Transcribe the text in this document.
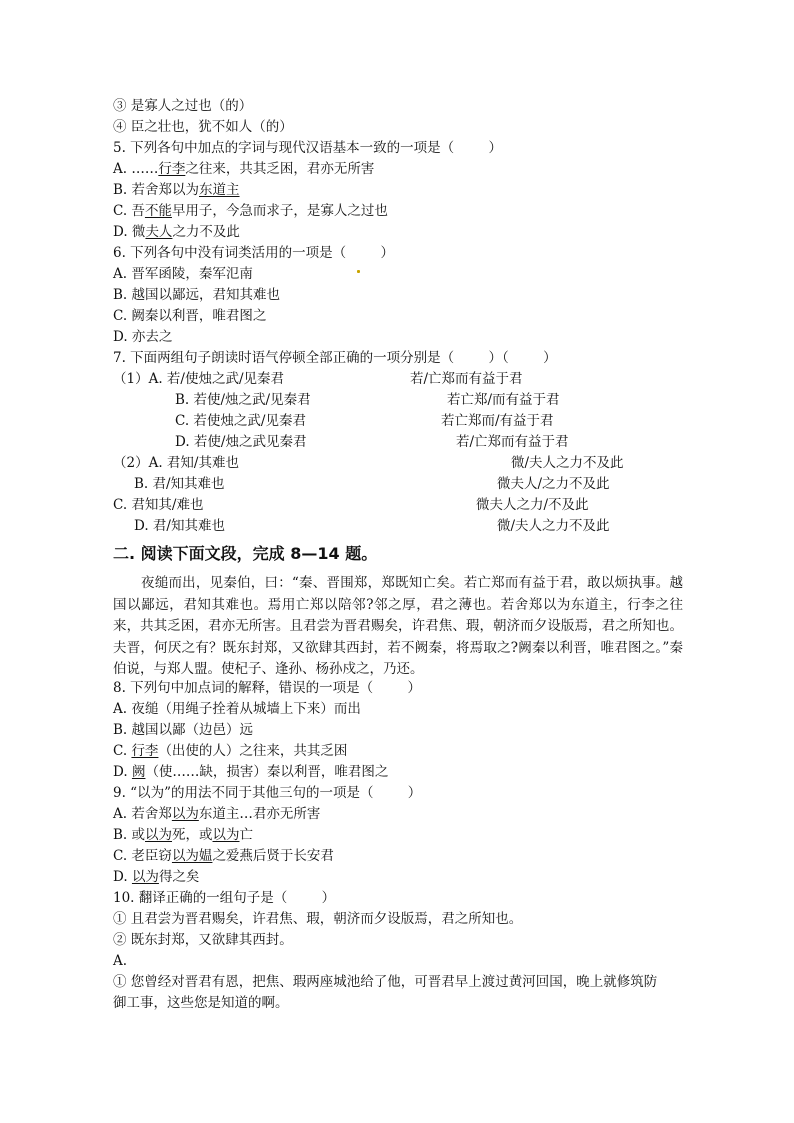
③ 是寡人之过也（的）
④ 臣之壮也，犹不如人（的）
5. 下列各句中加点的字词与现代汉语基本一致的一项是（        ）
A. ……行李之往来，共其乏困，君亦无所害
B. 若舍郑以为东道主
C. 吾不能早用子，今急而求子，是寡人之过也
D. 微夫人之力不及此
6. 下列各句中没有词类活用的一项是（        ）
A. 晋军函陵，秦军氾南
B. 越国以鄙远，君知其难也
C. 阙秦以利晋，唯君图之
D. 亦去之
7. 下面两组句子朗读时语气停顿全部正确的一项分别是（        ）（        ）
（1）A. 若/使烛之武/见秦君	若/亡郑而有益于君
B. 若使/烛之武/见秦君	若亡郑/而有益于君
C. 若使烛之武/见秦君	若亡郑而/有益于君
D. 若使/烛之武见秦君	若/亡郑而有益于君
（2）A. 君知/其难也	微/夫人之力不及此
B. 君/知其难也	微夫人/之力不及此
C. 君知其/难也	微夫人之力/不及此
D. 君/知其难也	微/夫人之力不及此
二. 阅读下面文段，完成 8—14 题。
夜缒而出，见秦伯，曰：“秦、晋围郑，郑既知亡矣。若亡郑而有益于君，敢以烦执事。越国以鄙远，君知其难也。焉用亡郑以陪邻?邻之厚，君之薄也。若舍郑以为东道主，行李之往来，共其乏困，君亦无所害。且君尝为晋君赐矣，许君焦、瑕，朝济而夕设版焉，君之所知也。夫晋，何厌之有？既东封郑，又欲肆其西封，若不阙秦，将焉取之?阙秦以利晋，唯君图之。”秦伯说，与郑人盟。使杞子、逢孙、杨孙戍之，乃还。
8. 下列句中加点词的解释，错误的一项是（        ）
A. 夜缒（用绳子拴着从城墙上下来）而出
B. 越国以鄙（边邑）远
C. 行李（出使的人）之往来，共其乏困
D. 阙（使……缺，损害）秦以利晋，唯君图之
9. “以为”的用法不同于其他三句的一项是（        ）
A. 若舍郑以为东道主…君亦无所害
B. 或以为死，或以为亡
C. 老臣窃以为媪之爱燕后贤于长安君
D. 以为得之矣
10. 翻译正确的一组句子是（        ）
① 且君尝为晋君赐矣，许君焦、瑕，朝济而夕设版焉，君之所知也。
② 既东封郑，又欲肆其西封。
A.
① 您曾经对晋君有恩，把焦、瑕两座城池给了他，可晋君早上渡过黄河回国，晚上就修筑防
御工事，这些您是知道的啊。
